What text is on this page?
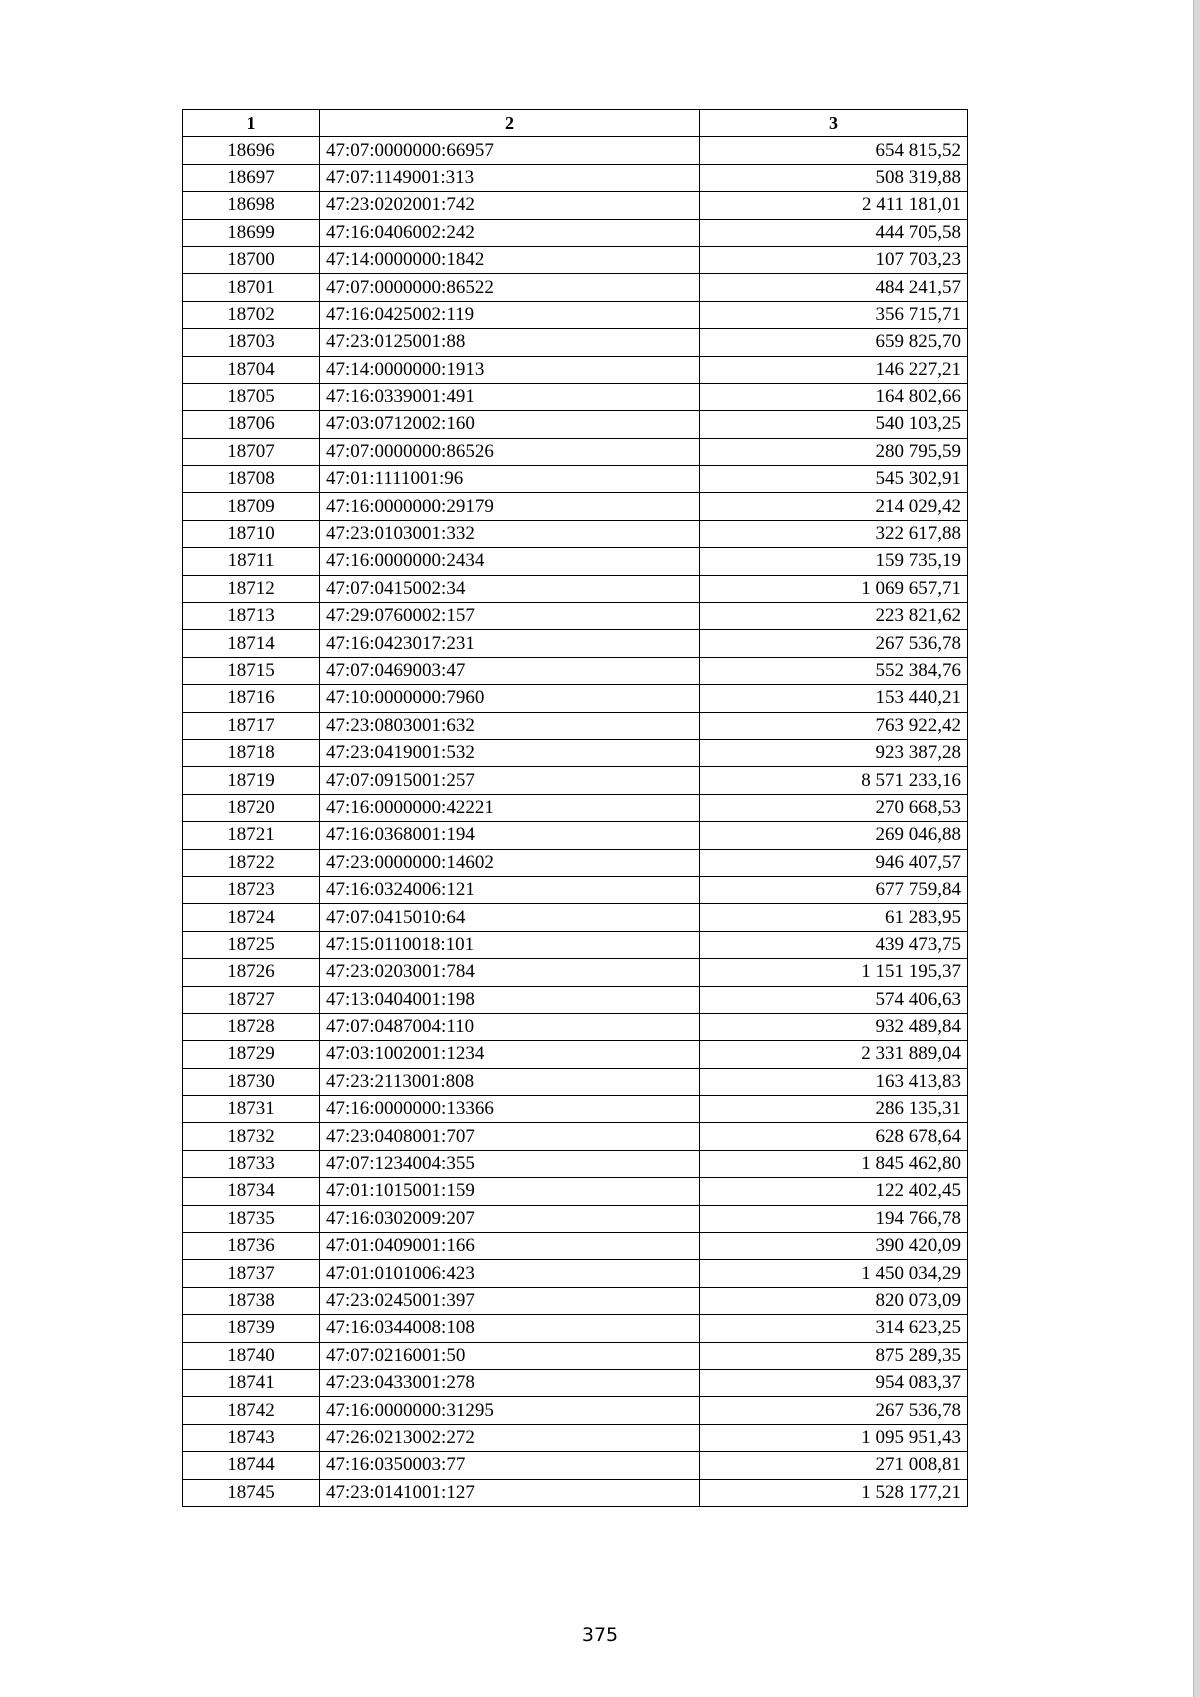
1	2	3
18696	47:07:0000000:66957	654 815,52
18697	47:07:1149001:313	508 319,88
18698	47:23:0202001:742	2 411 181,01
18699	47:16:0406002:242	444 705,58
18700	47:14:0000000:1842	107 703,23
18701	47:07:0000000:86522	484 241,57
18702	47:16:0425002:119	356 715,71
18703	47:23:0125001:88	659 825,70
18704	47:14:0000000:1913	146 227,21
18705	47:16:0339001:491	164 802,66
18706	47:03:0712002:160	540 103,25
18707	47:07:0000000:86526	280 795,59
18708	47:01:1111001:96	545 302,91
18709	47:16:0000000:29179	214 029,42
18710	47:23:0103001:332	322 617,88
18711	47:16:0000000:2434	159 735,19
18712	47:07:0415002:34	1 069 657,71
18713	47:29:0760002:157	223 821,62
18714	47:16:0423017:231	267 536,78
18715	47:07:0469003:47	552 384,76
18716	47:10:0000000:7960	153 440,21
18717	47:23:0803001:632	763 922,42
18718	47:23:0419001:532	923 387,28
18719	47:07:0915001:257	8 571 233,16
18720	47:16:0000000:42221	270 668,53
18721	47:16:0368001:194	269 046,88
18722	47:23:0000000:14602	946 407,57
18723	47:16:0324006:121	677 759,84
18724	47:07:0415010:64	61 283,95
18725	47:15:0110018:101	439 473,75
18726	47:23:0203001:784	1 151 195,37
18727	47:13:0404001:198	574 406,63
18728	47:07:0487004:110	932 489,84
18729	47:03:1002001:1234	2 331 889,04
18730	47:23:2113001:808	163 413,83
18731	47:16:0000000:13366	286 135,31
18732	47:23:0408001:707	628 678,64
18733	47:07:1234004:355	1 845 462,80
18734	47:01:1015001:159	122 402,45
18735	47:16:0302009:207	194 766,78
18736	47:01:0409001:166	390 420,09
18737	47:01:0101006:423	1 450 034,29
18738	47:23:0245001:397	820 073,09
18739	47:16:0344008:108	314 623,25
18740	47:07:0216001:50	875 289,35
18741	47:23:0433001:278	954 083,37
18742	47:16:0000000:31295	267 536,78
18743	47:26:0213002:272	1 095 951,43
18744	47:16:0350003:77	271 008,81
18745	47:23:0141001:127	1 528 177,21
375
